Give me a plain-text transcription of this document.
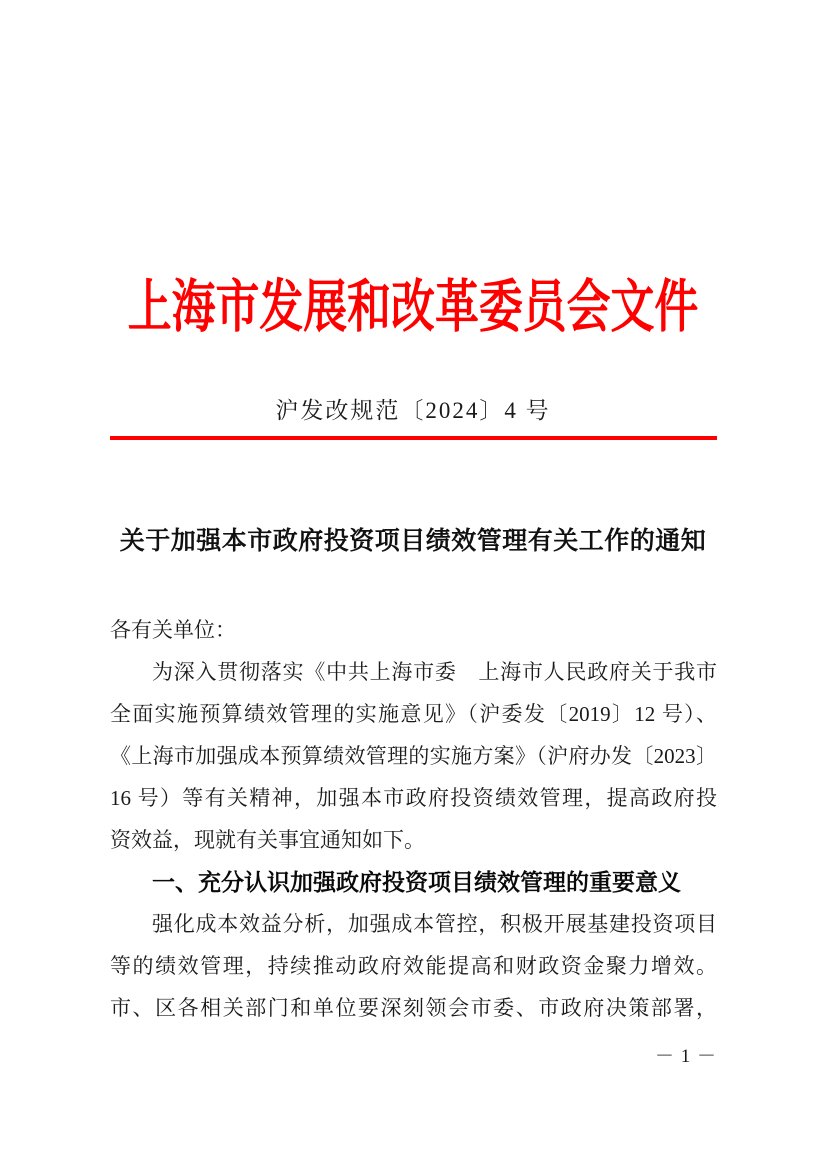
上海市发展和改革委员会文件
沪发改规范〔2024〕4 号
关于加强本市政府投资项目绩效管理有关工作的通知
各有关单位：
为深入贯彻落实《中共上海市委　上海市人民政府关于我市
全面实施预算绩效管理的实施意见》（沪委发〔2019〕12 号）、
《上海市加强成本预算绩效管理的实施方案》（沪府办发〔2023〕
16 号）等有关精神，加强本市政府投资绩效管理，提高政府投
资效益，现就有关事宜通知如下。
一、充分认识加强政府投资项目绩效管理的重要意义
强化成本效益分析，加强成本管控，积极开展基建投资项目
等的绩效管理，持续推动政府效能提高和财政资金聚力增效。
市、区各相关部门和单位要深刻领会市委、市政府决策部署，
－ 1 －
